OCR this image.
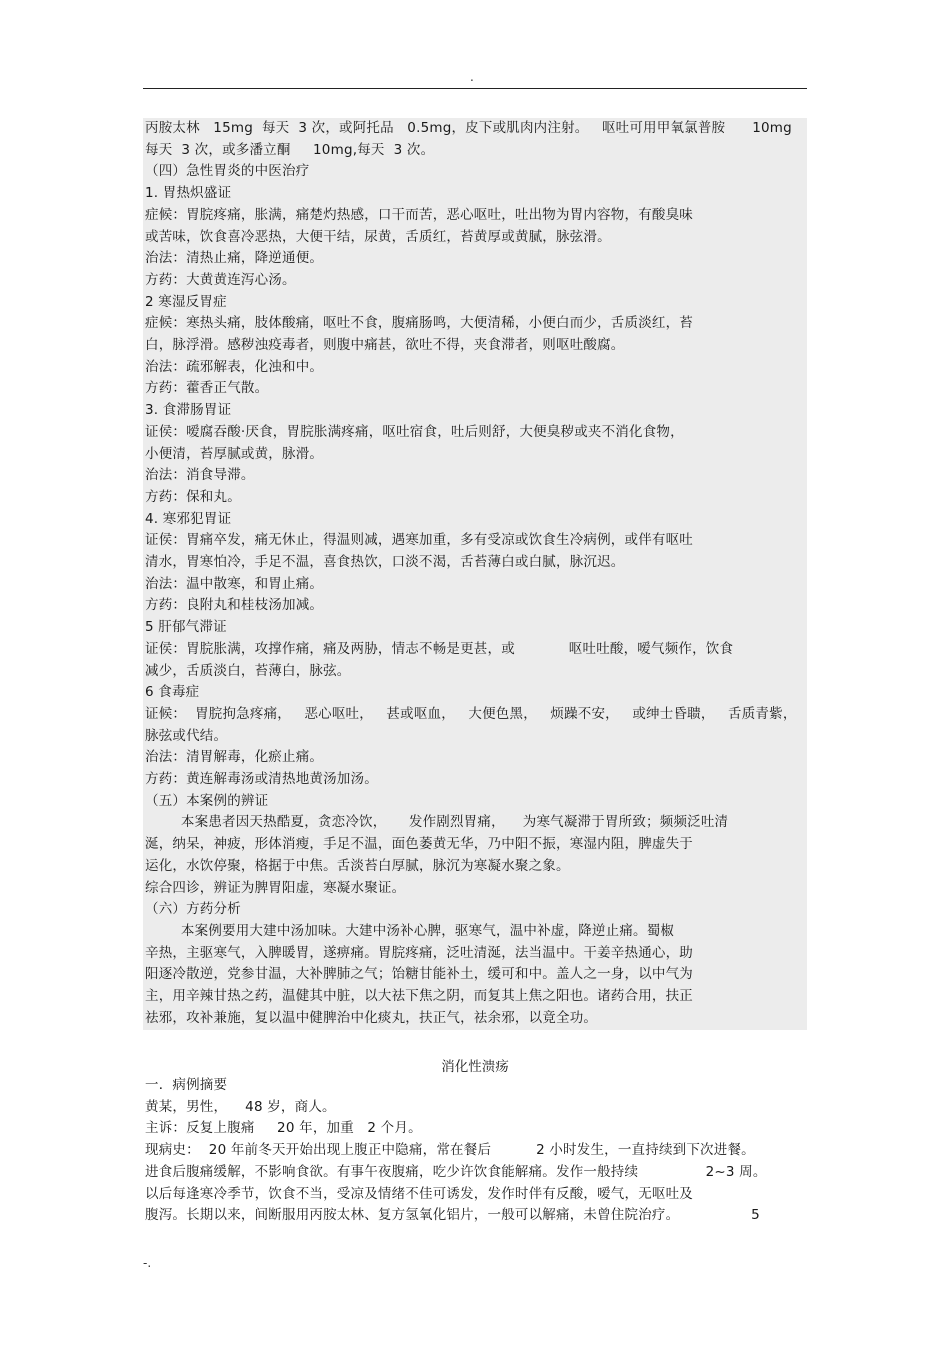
.
丙胺太林   15mg  每天  3 次，或阿托品   0.5mg，皮下或肌肉内注射。   呕吐可用甲氧氯普胺      10mg
每天  3 次，或多潘立酮     10mg,每天  3 次。
（四）急性胃炎的中医治疗
1. 胃热炽盛证
症候：胃脘疼痛，胀满，痛楚灼热感，口干而苦，恶心呕吐，吐出物为胃内容物，有酸臭味
或苦味，饮食喜冷恶热，大便干结，尿黄，舌质红，苔黄厚或黄腻，脉弦滑。
治法：清热止痛，降逆通便。
方药：大黄黄连泻心汤。
2 寒湿反胃症
症候：寒热头痛，肢体酸痛，呕吐不食，腹痛肠鸣，大便清稀，小便白而少，舌质淡红，苔
白，脉浮滑。感秽浊疫毒者，则腹中痛甚，欲吐不得，夹食滞者，则呕吐酸腐。
治法：疏邪解表，化浊和中。
方药：藿香正气散。
3. 食滞肠胃证
证侯：嗳腐吞酸·厌食，胃脘胀满疼痛，呕吐宿食，吐后则舒，大便臭秽或夹不消化食物，
小便清，苔厚腻或黄，脉滑。
治法：消食导滞。
方药：保和丸。
4. 寒邪犯胃证
证侯：胃痛卒发，痛无休止，得温则减，遇寒加重，多有受凉或饮食生冷病例，或伴有呕吐
清水，胃寒怕冷，手足不温，喜食热饮，口淡不渴，舌苔薄白或白腻，脉沉迟。
治法：温中散寒，和胃止痛。
方药：良附丸和桂枝汤加减。
5 肝郁气滞证
证侯：胃脘胀满，攻撑作痛，痛及两胁，情志不畅是更甚，或            呕吐吐酸，嗳气频作，饮食
减少，舌质淡白，苔薄白，脉弦。
6 食毒症
证候：  胃脘拘急疼痛，   恶心呕吐，   甚或呕血，   大便色黑，   烦躁不安，   或绅士昏聩，   舌质青紫，
脉弦或代结。
治法：清胃解毒，化瘀止痛。
方药：黄连解毒汤或清热地黄汤加汤。
（五）本案例的辨证
本案患者因天热酷夏，贪恋冷饮，     发作剧烈胃痛，    为寒气凝滞于胃所致；频频泛吐清
涎，纳呆，神疲，形体消瘦，手足不温，面色萎黄无华，乃中阳不振，寒湿内阻，脾虚失于
运化，水饮停聚，格据于中焦。舌淡苔白厚腻，脉沉为寒凝水聚之象。
综合四诊，辨证为脾胃阳虚，寒凝水聚证。
（六）方药分析
本案例要用大建中汤加味。大建中汤补心脾，驱寒气，温中补虚，降逆止痛。蜀椒
辛热，主驱寒气，入脾暖胃，遂痹痛。胃脘疼痛，泛吐清涎，法当温中。干姜辛热通心，助
阳逐冷散逆，党参甘温，大补脾肺之气；饴糖甘能补土，缓可和中。盖人之一身，以中气为
主，用辛辣甘热之药，温健其中脏，以大祛下焦之阴，而复其上焦之阳也。诸药合用，扶正
祛邪，攻补兼施，复以温中健脾治中化痰丸，扶正气，祛余邪，以竟全功。
消化性溃疡
一．病例摘要
黄某，男性，    48 岁，商人。
主诉：反复上腹痛     20 年，加重   2 个月。
现病史：  20 年前冬天开始出现上腹正中隐痛，常在餐后          2 小时发生，一直持续到下次进餐。
进食后腹痛缓解，不影响食欲。有事午夜腹痛，吃少许饮食能解痛。发作一般持续               2~3 周。
以后每逢寒冷季节，饮食不当，受凉及情绪不佳可诱发，发作时伴有反酸，嗳气，无呕吐及
腹泻。长期以来，间断服用丙胺太林、复方氢氧化铝片，一般可以解痛，未曾住院治疗。                5
-.
